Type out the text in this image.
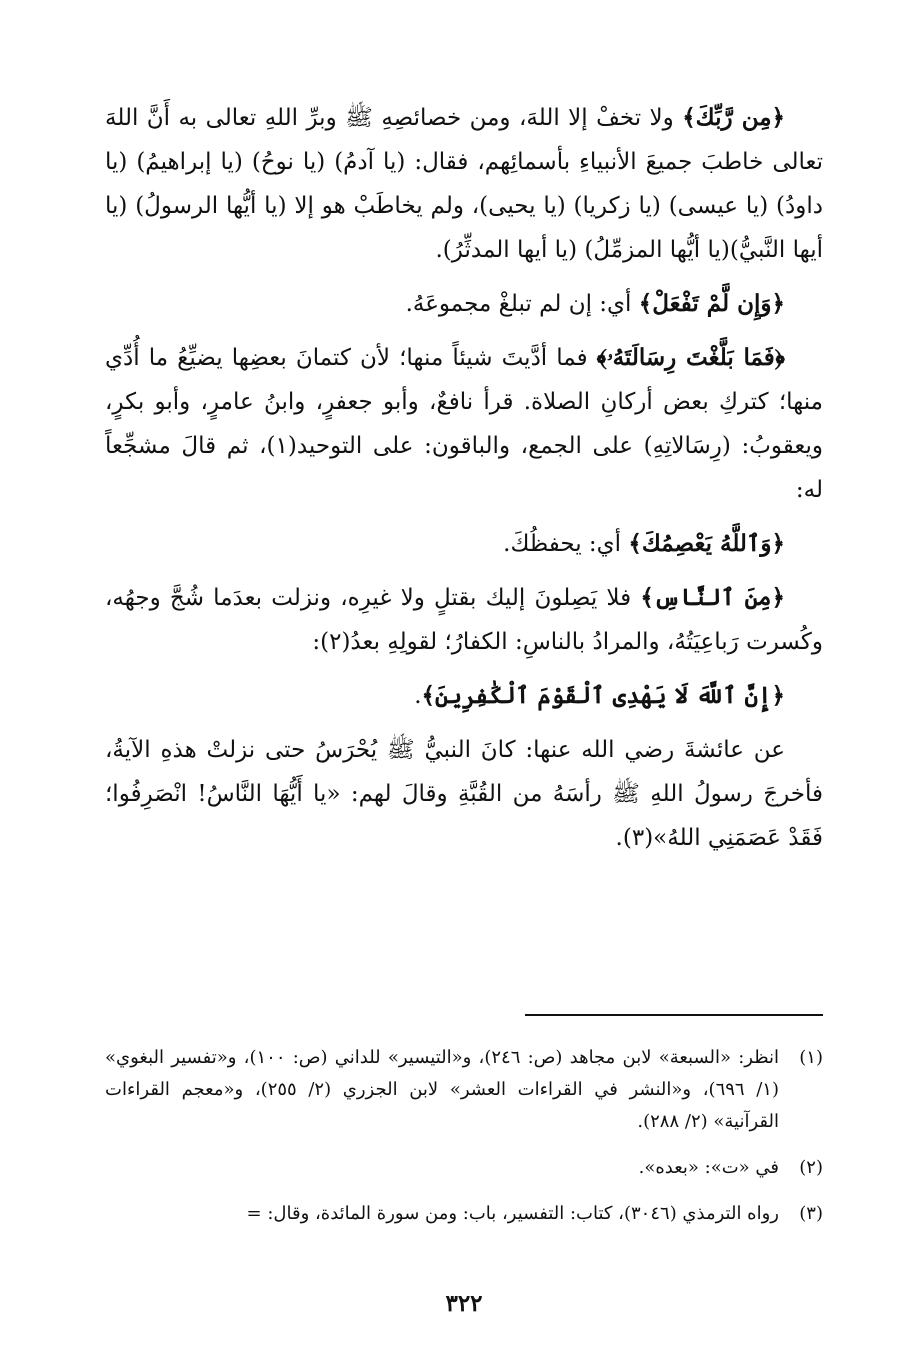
﴿مِن رَّبِّكَ﴾ ولا تخفْ إلا اللهَ، ومن خصائصِهِ ﷺ وبرِّ اللهِ تعالى به أَنَّ اللهَ تعالى خاطبَ جميعَ الأنبياءِ بأسمائِهم، فقال: (يا آدمُ) (يا نوحُ) (يا إبراهيمُ) (يا داودُ) (يا عيسى) (يا زكريا) (يا يحيى)، ولم يخاطَبْ هو إلا (يا أيُّها الرسولُ) (يا أيها النَّبيُّ)(يا أيُّها المزمِّلُ) (يا أيها المدثِّرُ).

﴿وَإِن لَّمْ تَفْعَلْ﴾ أي: إن لم تبلغْ مجموعَهُ.

﴿فَمَا بَلَّغْتَ رِسَالَتَهُۥ﴾ فما أدَّيتَ شيئاً منها؛ لأن كتمانَ بعضِها يضيِّعُ ما أُدِّي منها؛ كتركِ بعض أركانِ الصلاة. قرأ نافعٌ، وأبو جعفرٍ، وابنُ عامرٍ، وأبو بكرٍ، ويعقوبُ: (رِسَالاتِهِ) على الجمع، والباقون: على التوحيد(١)، ثم قالَ مشجِّعاً له:

﴿وَٱللَّهُ يَعْصِمُكَ﴾ أي: يحفظُكَ.

﴿مِنَ ٱلنَّاسِ﴾ فلا يَصِلونَ إليك بقتلٍ ولا غيرِه، ونزلت بعدَما شُجَّ وجهُه، وكُسرت رَباعِيَتُهُ، والمرادُ بالناسِ: الكفارُ؛ لقولِهِ بعدُ(٢):

﴿إِنَّ ٱللَّهَ لَا يَهْدِى ٱلْقَوْمَ ٱلْكَٰفِرِينَ﴾.

عن عائشةَ رضي الله عنها: كانَ النبيُّ ﷺ يُحْرَسُ حتى نزلتْ هذهِ الآيةُ، فأخرجَ رسولُ اللهِ ﷺ رأسَهُ من القُبَّةِ وقالَ لهم: «يا أَيُّهَا النَّاسُ! انْصَرِفُوا؛ فَقَدْ عَصَمَنِي اللهُ»(٣).

(١)
انظر: «السبعة» لابن مجاهد (ص: ٢٤٦)، و«التيسير» للداني (ص: ١٠٠)، و«تفسير البغوي» (١/ ٦٩٦)، و«النشر في القراءات العشر» لابن الجزري (٢/ ٢٥٥)، و«معجم القراءات القرآنية» (٢/ ٢٨٨).
(٢)
في «ت»: «بعده».
(٣)
رواه الترمذي (٣٠٤٦)، كتاب: التفسير، باب: ومن سورة المائدة، وقال: =
٣٢٢
